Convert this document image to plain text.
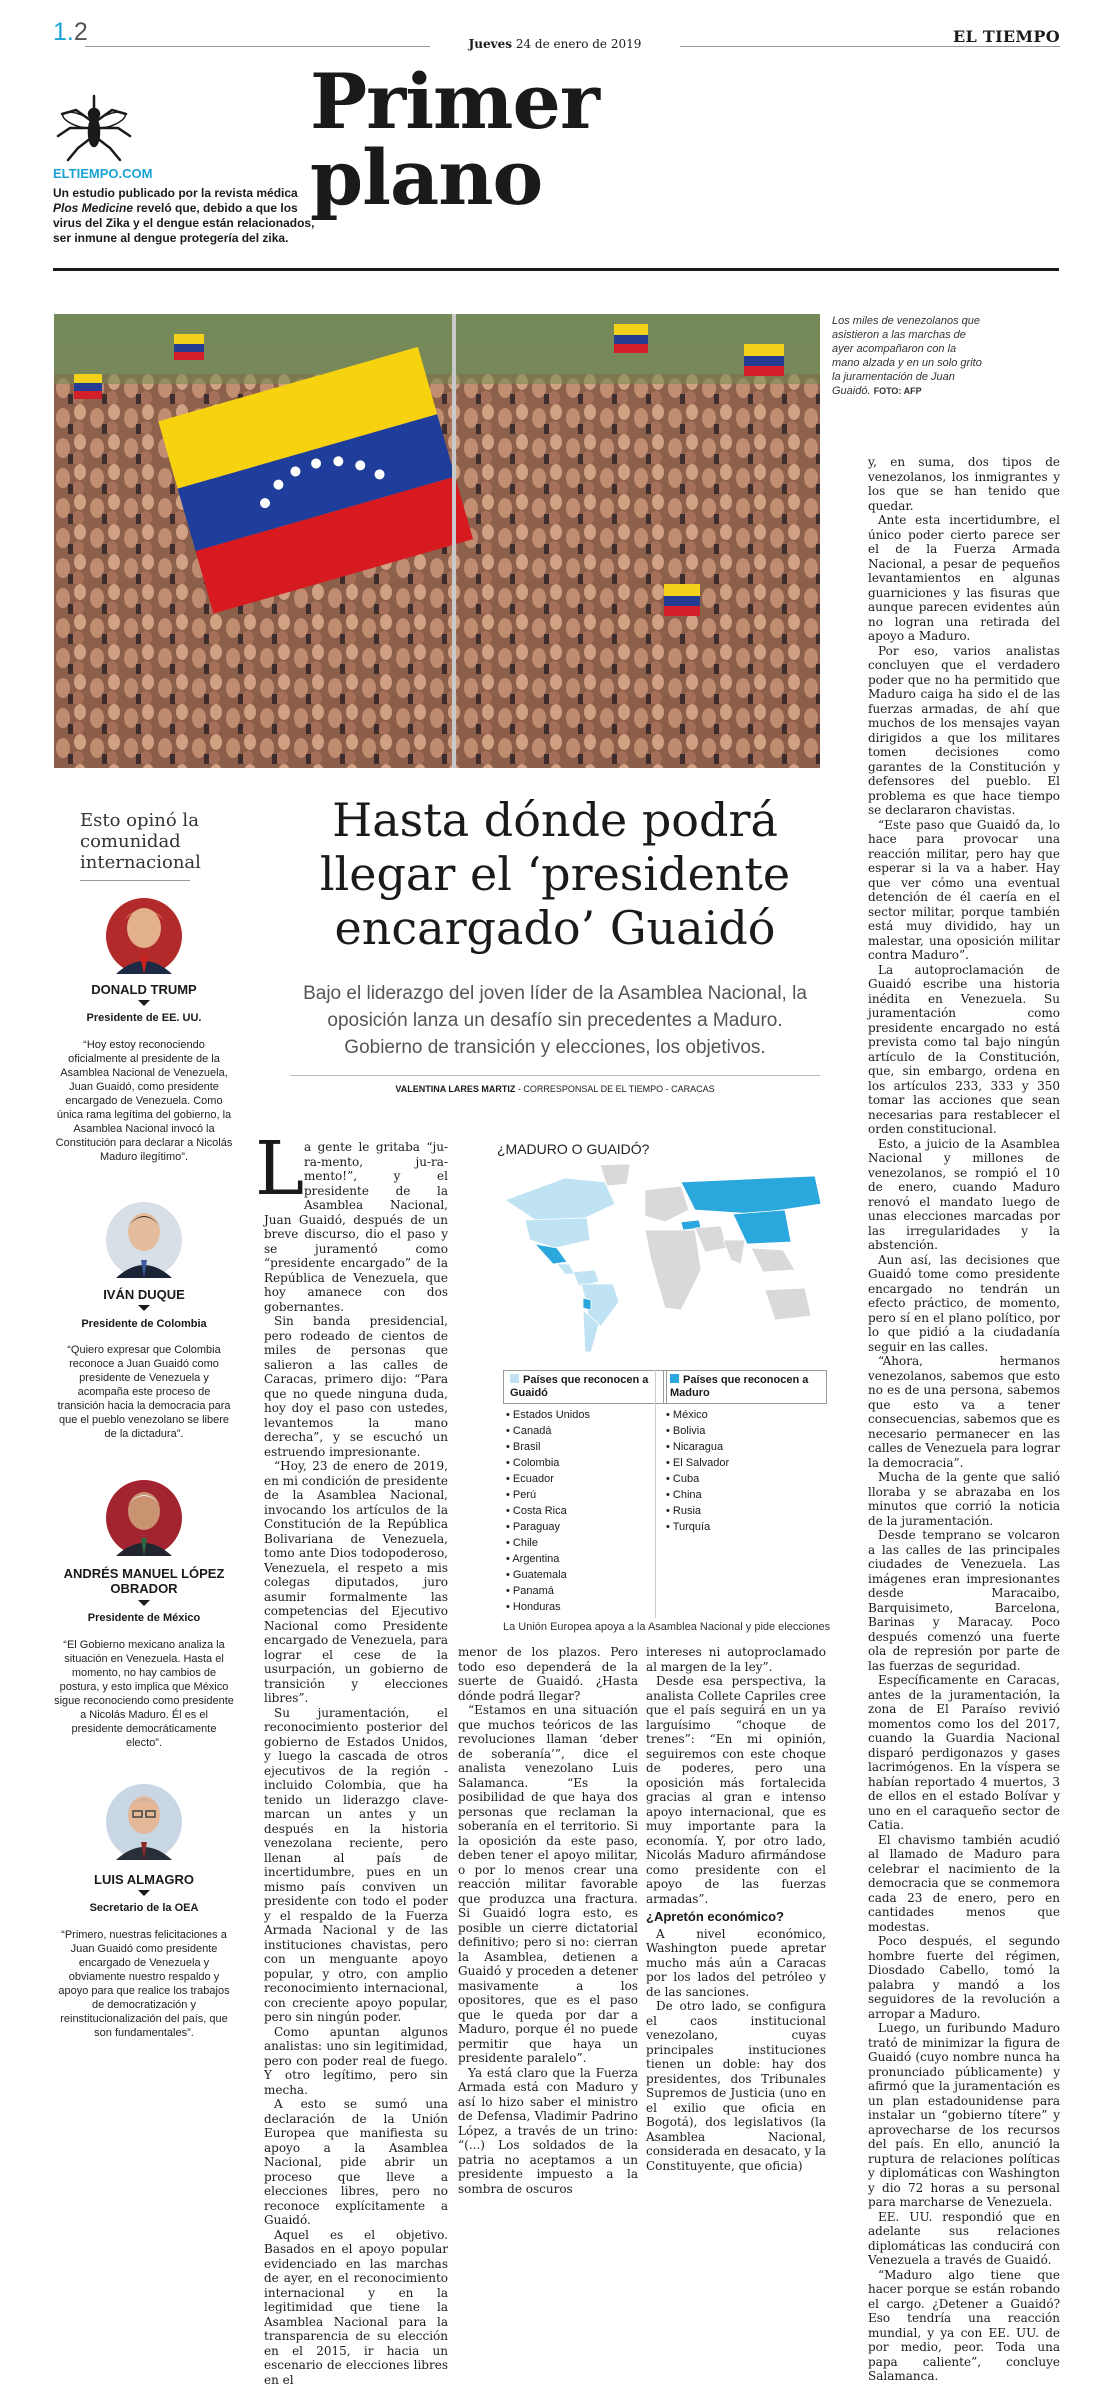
1.2	Jueves 24 de enero de 2019	EL TIEMPO
Primer plano
ELTIEMPO.COM
Un estudio publicado por la revista médica Plos Medicine reveló que, debido a que los virus del Zika y el dengue están relacionados, ser inmune al dengue protegería del zika.
Los miles de venezolanos que asistieron a las marchas de ayer acompañaron con la mano alzada y en un solo grito la juramentación de Juan Guaidó. FOTO: AFP
Esto opinó la comunidad internacional
DONALD TRUMP
Presidente de EE. UU.
“Hoy estoy reconociendo oficialmente al presidente de la Asamblea Nacional de Venezuela, Juan Guaidó, como presidente encargado de Venezuela. Como única rama legítima del gobierno, la Asamblea Nacional invocó la Constitución para declarar a Nicolás Maduro ilegítimo”.
IVÁN DUQUE
Presidente de Colombia
“Quiero expresar que Colombia reconoce a Juan Guaidó como presidente de Venezuela y acompaña este proceso de transición hacia la democracia para que el pueblo venezolano se libere de la dictadura”.
ANDRÉS MANUEL LÓPEZ OBRADOR
Presidente de México
“El Gobierno mexicano analiza la situación en Venezuela. Hasta el momento, no hay cambios de postura, y esto implica que México sigue reconociendo como presidente a Nicolás Maduro. Él es el presidente democráticamente electo”.
LUIS ALMAGRO
Secretario de la OEA
“Primero, nuestras felicitaciones a Juan Guaidó como presidente encargado de Venezuela y obviamente nuestro respaldo y apoyo para que realice los trabajos de democratización y reinstitucionalización del país, que son fundamentales”.
Hasta dónde podrá llegar el ‘presidente encargado’ Guaidó
Bajo el liderazgo del joven líder de la Asamblea Nacional, la oposición lanza un desafío sin precedentes a Maduro. Gobierno de transición y elecciones, los objetivos.
VALENTINA LARES MARTIZ - CORRESPONSAL DE EL TIEMPO - CARACAS
L a gente le gritaba “ju-ra-mento, ju-ra-mento!”, y el presidente de la Asamblea Nacional, Juan Guaidó, después de un breve discurso, dio el paso y se juramentó como “presidente encargado” de la República de Venezuela, que hoy amanece con dos gobernantes.

Sin banda presidencial, pero rodeado de cientos de miles de personas que salieron a las calles de Caracas, primero dijo: “Para que no quede ninguna duda, hoy doy el paso con ustedes, levantemos la mano derecha”, y se escuchó un estruendo impresionante.

“Hoy, 23 de enero de 2019, en mi condición de presidente de la Asamblea Nacional, invocando los artículos de la Constitución de la República Bolivariana de Venezuela, tomo ante Dios todopoderoso, Venezuela, el respeto a mis colegas diputados, juro asumir formalmente las competencias del Ejecutivo Nacional como Presidente encargado de Venezuela, para lograr el cese de la usurpación, un gobierno de transición y elecciones libres”.

Su juramentación, el reconocimiento posterior del gobierno de Estados Unidos, y luego la cascada de otros ejecutivos de la región -incluido Colombia, que ha tenido un liderazgo clave- marcan un antes y un después en la historia venezolana reciente, pero llenan al país de incertidumbre, pues en un mismo país conviven un presidente con todo el poder y el respaldo de la Fuerza Armada Nacional y de las instituciones chavistas, pero con un menguante apoyo popular, y otro, con amplio reconocimiento internacional, con creciente apoyo popular, pero sin ningún poder.

Como apuntan algunos analistas: uno sin legitimidad, pero con poder real de fuego. Y otro legítimo, pero sin mecha.

A esto se sumó una declaración de la Unión Europea que manifiesta su apoyo a la Asamblea Nacional, pide abrir un proceso que lleve a elecciones libres, pero no reconoce explícitamente a Guaidó.

Aquel es el objetivo. Basados en el apoyo popular evidenciado en las marchas de ayer, en el reconocimiento internacional y en la legitimidad que tiene la Asamblea Nacional para la transparencia de su elección en el 2015, ir hacia un escenario de elecciones libres en el

¿MADURO O GUAIDÓ?
Países que reconocen a Guaidó
Países que reconocen a Maduro
• Estados Unidos
• Canadá
• Brasil
• Colombia
• Ecuador
• Perú
• Costa Rica
• Paraguay
• Chile
• Argentina
• Guatemala
• Panamá
• Honduras
• México
• Bolivia
• Nicaragua
• El Salvador
• Cuba
• China
• Rusia
• Turquía
La Unión Europea apoya a la Asamblea Nacional y pide elecciones

menor de los plazos. Pero todo eso dependerá de la suerte de Guaidó. ¿Hasta dónde podrá llegar?

“Estamos en una situación que muchos teóricos de las revoluciones llaman ‘deber de soberanía’”, dice el analista venezolano Luis Salamanca. “Es la posibilidad de que haya dos personas que reclaman la soberanía en el territorio. Si la oposición da este paso, deben tener el apoyo militar, o por lo menos crear una reacción militar favorable que produzca una fractura. Si Guaidó logra esto, es posible un cierre dictatorial definitivo; pero si no: cierran la Asamblea, detienen a Guaidó y proceden a detener masivamente a los opositores, que es el paso que le queda por dar a Maduro, porque él no puede permitir que haya un presidente paralelo”.

Ya está claro que la Fuerza Armada está con Maduro y así lo hizo saber el ministro de Defensa, Vladimir Padrino López, a través de un trino: “(...) Los soldados de la patria no aceptamos a un presidente impuesto a la sombra de oscuros

intereses ni autoproclamado al margen de la ley”.

Desde esa perspectiva, la analista Collete Capriles cree que el país seguirá en un ya larguísimo “choque de trenes”: “En mi opinión, seguiremos con este choque de poderes, pero una oposición más fortalecida gracias al gran e intenso apoyo internacional, que es muy importante para la economía. Y, por otro lado, Nicolás Maduro afirmándose como presidente con el apoyo de las fuerzas armadas”.

¿Apretón económico?

A nivel económico, Washington puede apretar mucho más aún a Caracas por los lados del petróleo y de las sanciones.

De otro lado, se configura el caos institucional venezolano, cuyas principales instituciones tienen un doble: hay dos presidentes, dos Tribunales Supremos de Justicia (uno en el exilio que oficia en Bogotá), dos legislativos (la Asamblea Nacional, considerada en desacato, y la Constituyente, que oficia)

y, en suma, dos tipos de venezolanos, los inmigrantes y los que se han tenido que quedar.

Ante esta incertidumbre, el único poder cierto parece ser el de la Fuerza Armada Nacional, a pesar de pequeños levantamientos en algunas guarniciones y las fisuras que aunque parecen evidentes aún no logran una retirada del apoyo a Maduro.

Por eso, varios analistas concluyen que el verdadero poder que no ha permitido que Maduro caiga ha sido el de las fuerzas armadas, de ahí que muchos de los mensajes vayan dirigidos a que los militares tomen decisiones como garantes de la Constitución y defensores del pueblo. El problema es que hace tiempo se declararon chavistas.

“Este paso que Guaidó da, lo hace para provocar una reacción militar, pero hay que esperar si la va a haber. Hay que ver cómo una eventual detención de él caería en el sector militar, porque también está muy dividido, hay un malestar, una oposición militar contra Maduro”.

La autoproclamación de Guaidó escribe una historia inédita en Venezuela. Su juramentación como presidente encargado no está prevista como tal bajo ningún artículo de la Constitución, que, sin embargo, ordena en los artículos 233, 333 y 350 tomar las acciones que sean necesarias para restablecer el orden constitucional.

Esto, a juicio de la Asamblea Nacional y millones de venezolanos, se rompió el 10 de enero, cuando Maduro renovó el mandato luego de unas elecciones marcadas por las irregularidades y la abstención.

Aun así, las decisiones que Guaidó tome como presidente encargado no tendrán un efecto práctico, de momento, pero sí en el plano político, por lo que pidió a la ciudadanía seguir en las calles.

“Ahora, hermanos venezolanos, sabemos que esto no es de una persona, sabemos que esto va a tener consecuencias, sabemos que es necesario permanecer en las calles de Venezuela para lograr la democracia”.

Mucha de la gente que salió lloraba y se abrazaba en los minutos que corrió la noticia de la juramentación.

Desde temprano se volcaron a las calles de las principales ciudades de Venezuela. Las imágenes eran impresionantes desde Maracaibo, Barquisimeto, Barcelona, Barinas y Maracay. Poco después comenzó una fuerte ola de represión por parte de las fuerzas de seguridad.

Específicamente en Caracas, antes de la juramentación, la zona de El Paraíso revivió momentos como los del 2017, cuando la Guardia Nacional disparó perdigonazos y gases lacrimógenos. En la víspera se habían reportado 4 muertos, 3 de ellos en el estado Bolívar y uno en el caraqueño sector de Catia.

El chavismo también acudió al llamado de Maduro para celebrar el nacimiento de la democracia que se conmemora cada 23 de enero, pero en cantidades menos que modestas.

Poco después, el segundo hombre fuerte del régimen, Diosdado Cabello, tomó la palabra y mandó a los seguidores de la revolución a arropar a Maduro.

Luego, un furibundo Maduro trató de minimizar la figura de Guaidó (cuyo nombre nunca ha pronunciado públicamente) y afirmó que la juramentación es un plan estadounidense para instalar un “gobierno títere” y aprovecharse de los recursos del país. En ello, anunció la ruptura de relaciones políticas y diplomáticas con Washington y dio 72 horas a su personal para marcharse de Venezuela.

EE. UU. respondió que en adelante sus relaciones diplomáticas las conducirá con Venezuela a través de Guaidó.

“Maduro algo tiene que hacer porque se están robando el cargo. ¿Detener a Guaidó? Eso tendría una reacción mundial, y ya con EE. UU. de por medio, peor. Toda una papa caliente”, concluye Salamanca.
